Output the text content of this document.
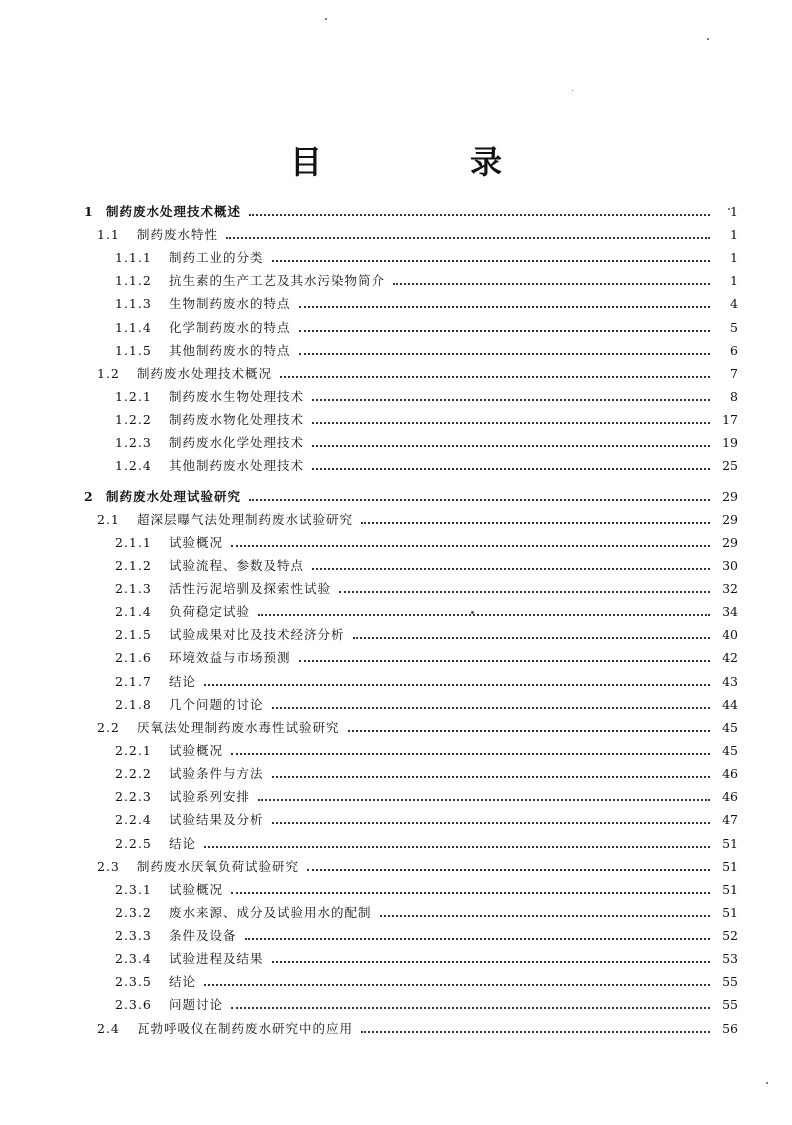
目　录
1 制药废水处理技术概述	1
1.1	制药废水特性	1
1.1.1	制药工业的分类	1
1.1.2	抗生素的生产工艺及其水污染物简介	1
1.1.3	生物制药废水的特点	4
1.1.4	化学制药废水的特点	5
1.1.5	其他制药废水的特点	6
1.2	制药废水处理技术概况	7
1.2.1	制药废水生物处理技术	8
1.2.2	制药废水物化处理技术	17
1.2.3	制药废水化学处理技术	19
1.2.4	其他制药废水处理技术	25
2 制药废水处理试验研究	29
2.1	超深层曝气法处理制药废水试验研究	29
2.1.1	试验概况	29
2.1.2	试验流程、参数及特点	30
2.1.3	活性污泥培驯及探索性试验	32
2.1.4	负荷稳定试验	34
2.1.5	试验成果对比及技术经济分析	40
2.1.6	环境效益与市场预测	42
2.1.7	结论	43
2.1.8	几个问题的讨论	44
2.2	厌氧法处理制药废水毒性试验研究	45
2.2.1	试验概况	45
2.2.2	试验条件与方法	46
2.2.3	试验系列安排	46
2.2.4	试验结果及分析	47
2.2.5	结论	51
2.3	制药废水厌氧负荷试验研究	51
2.3.1	试验概况	51
2.3.2	废水来源、成分及试验用水的配制	51
2.3.3	条件及设备	52
2.3.4	试验进程及结果	53
2.3.5	结论	55
2.3.6	问题讨论	55
2.4	瓦勃呼吸仪在制药废水研究中的应用	56
